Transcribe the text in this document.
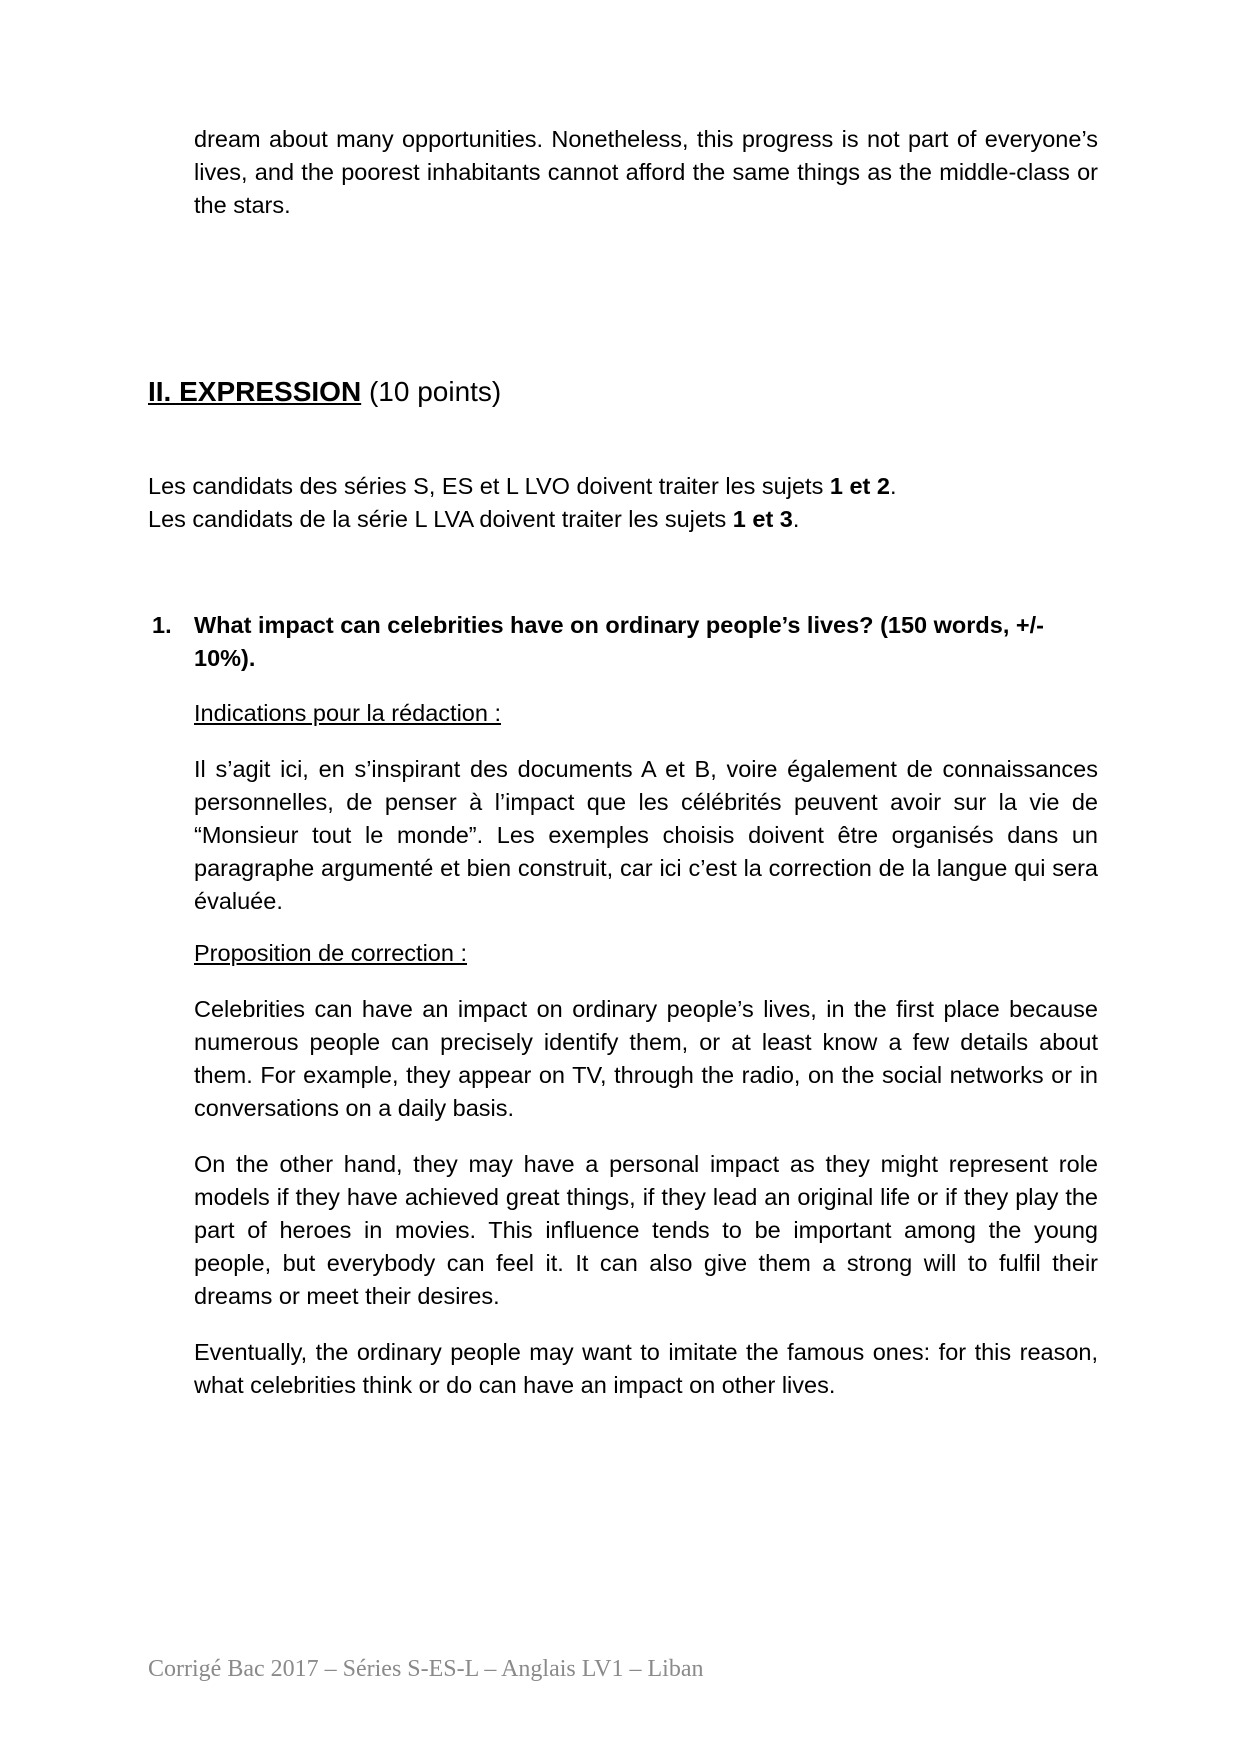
dream about many opportunities. Nonetheless, this progress is not part of everyone’s lives, and the poorest inhabitants cannot afford the same things as the middle-class or the stars.

II. EXPRESSION (10 points)
Les candidats des séries S, ES et L LVO doivent traiter les sujets 1 et 2.
Les candidats de la série L LVA doivent traiter les sujets 1 et 3.
1. What impact can celebrities have on ordinary people’s lives? (150 words, +/- 10%).

Indications pour la rédaction :

Il s’agit ici, en s’inspirant des documents A et B, voire également de connaissances personnelles, de penser à l’impact que les célébrités peuvent avoir sur la vie de “Monsieur tout le monde”. Les exemples choisis doivent être organisés dans un paragraphe argumenté et bien construit, car ici c’est la correction de la langue qui sera évaluée.

Proposition de correction :

Celebrities can have an impact on ordinary people’s lives, in the first place because numerous people can precisely identify them, or at least know a few details about them. For example, they appear on TV, through the radio, on the social networks or in conversations on a daily basis.

On the other hand, they may have a personal impact as they might represent role models if they have achieved great things, if they lead an original life or if they play the part of heroes in movies. This influence tends to be important among the young people, but everybody can feel it. It can also give them a strong will to fulfil their dreams or meet their desires.

Eventually, the ordinary people may want to imitate the famous ones: for this reason, what celebrities think or do can have an impact on other lives.

Corrigé Bac 2017 – Séries S-ES-L – Anglais LV1 – Liban
